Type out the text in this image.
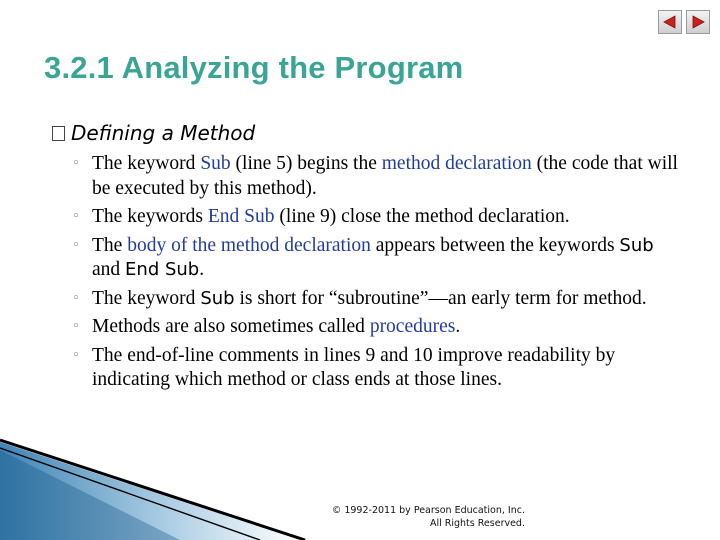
3.2.1 Analyzing the Program
Defining a Method
◦ The keyword Sub (line 5) begins the method declaration (the code that will be executed by this method).
◦ The keywords End Sub (line 9) close the method declaration.
◦ The body of the method declaration appears between the keywords Sub and End Sub.
◦ The keyword Sub is short for “subroutine”—an early term for method.
◦ Methods are also sometimes called procedures.
◦ The end-of-line comments in lines 9 and 10 improve readability by indicating which method or class ends at those lines.
© 1992-2011 by Pearson Education, Inc.
All Rights Reserved.
